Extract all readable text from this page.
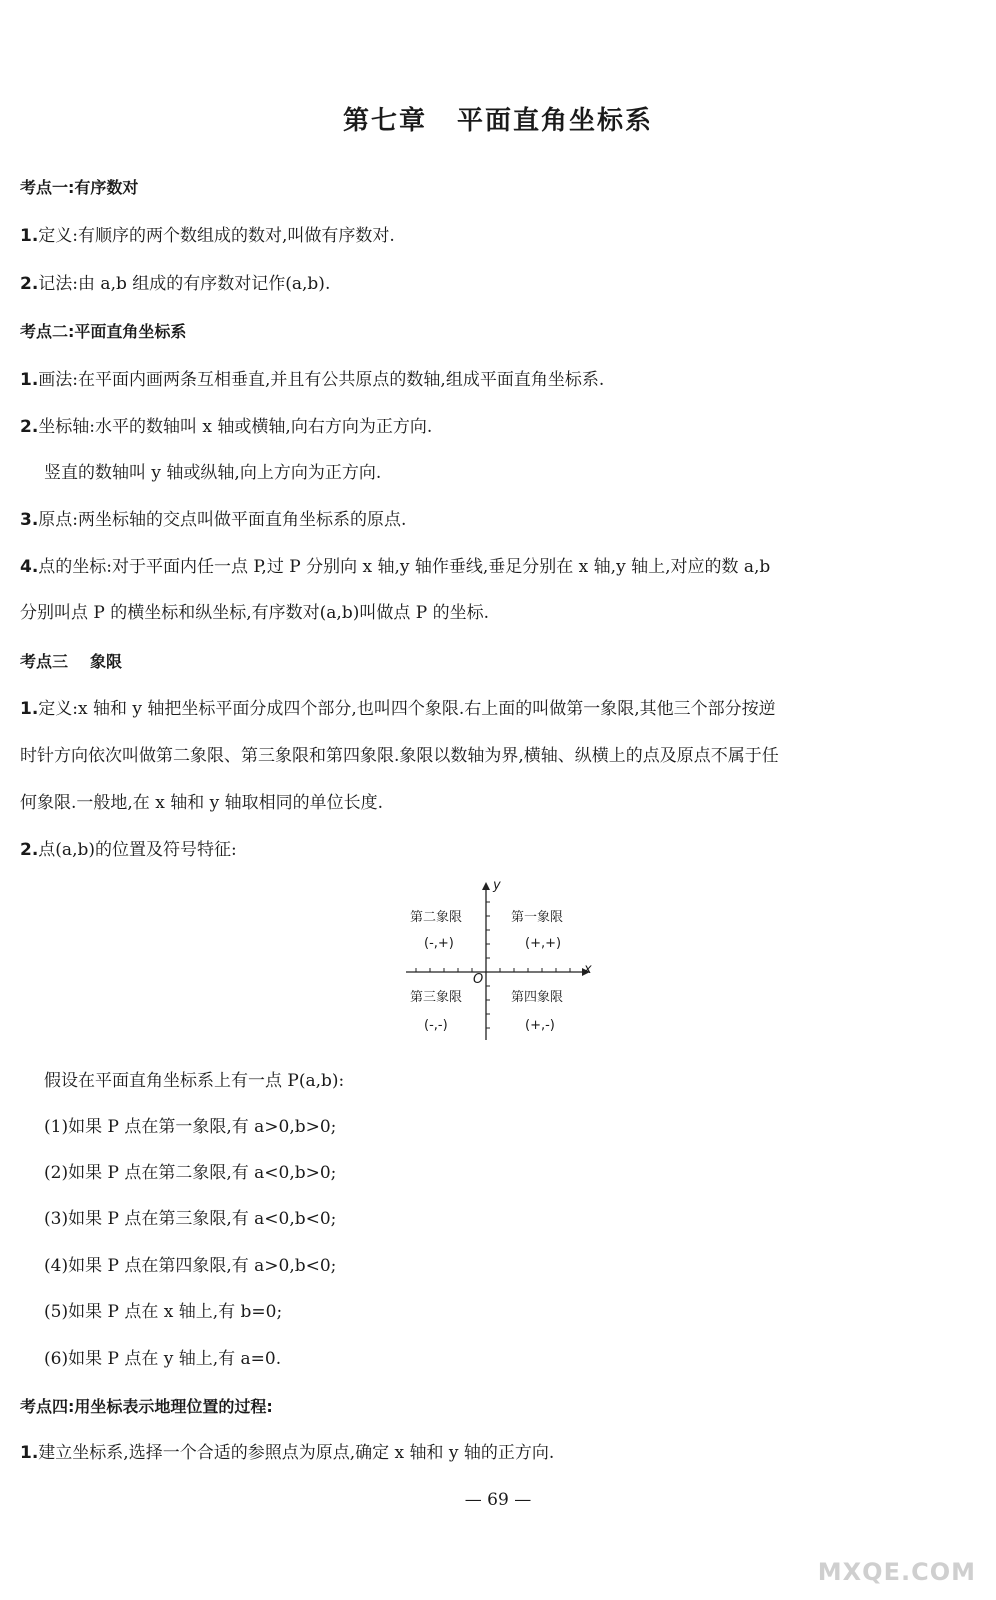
第七章 平面直角坐标系
考点一:有序数对
1.定义:有顺序的两个数组成的数对,叫做有序数对.
2.记法:由 a,b 组成的有序数对记作(a,b).
考点二:平面直角坐标系
1.画法:在平面内画两条互相垂直,并且有公共原点的数轴,组成平面直角坐标系.
2.坐标轴:水平的数轴叫 x 轴或横轴,向右方向为正方向.
竖直的数轴叫 y 轴或纵轴,向上方向为正方向.
3.原点:两坐标轴的交点叫做平面直角坐标系的原点.
4.点的坐标:对于平面内任一点 P,过 P 分别向 x 轴,y 轴作垂线,垂足分别在 x 轴,y 轴上,对应的数 a,b
分别叫点 P 的横坐标和纵坐标,有序数对(a,b)叫做点 P 的坐标.
考点三 象限
1.定义:x 轴和 y 轴把坐标平面分成四个部分,也叫四个象限.右上面的叫做第一象限,其他三个部分按逆
时针方向依次叫做第二象限、第三象限和第四象限.象限以数轴为界,横轴、纵横上的点及原点不属于任
何象限.一般地,在 x 轴和 y 轴取相同的单位长度.
2.点(a,b)的位置及符号特征:
x
y
O
第二象限
(-,+)
第一象限
(+,+)
第三象限
(-,-)
第四象限
(+,-)
假设在平面直角坐标系上有一点 P(a,b):
(1)如果 P 点在第一象限,有 a>0,b>0;
(2)如果 P 点在第二象限,有 a<0,b>0;
(3)如果 P 点在第三象限,有 a<0,b<0;
(4)如果 P 点在第四象限,有 a>0,b<0;
(5)如果 P 点在 x 轴上,有 b=0;
(6)如果 P 点在 y 轴上,有 a=0.
考点四:用坐标表示地理位置的过程:
1.建立坐标系,选择一个合适的参照点为原点,确定 x 轴和 y 轴的正方向.
— 69 —
MXQE.COM
